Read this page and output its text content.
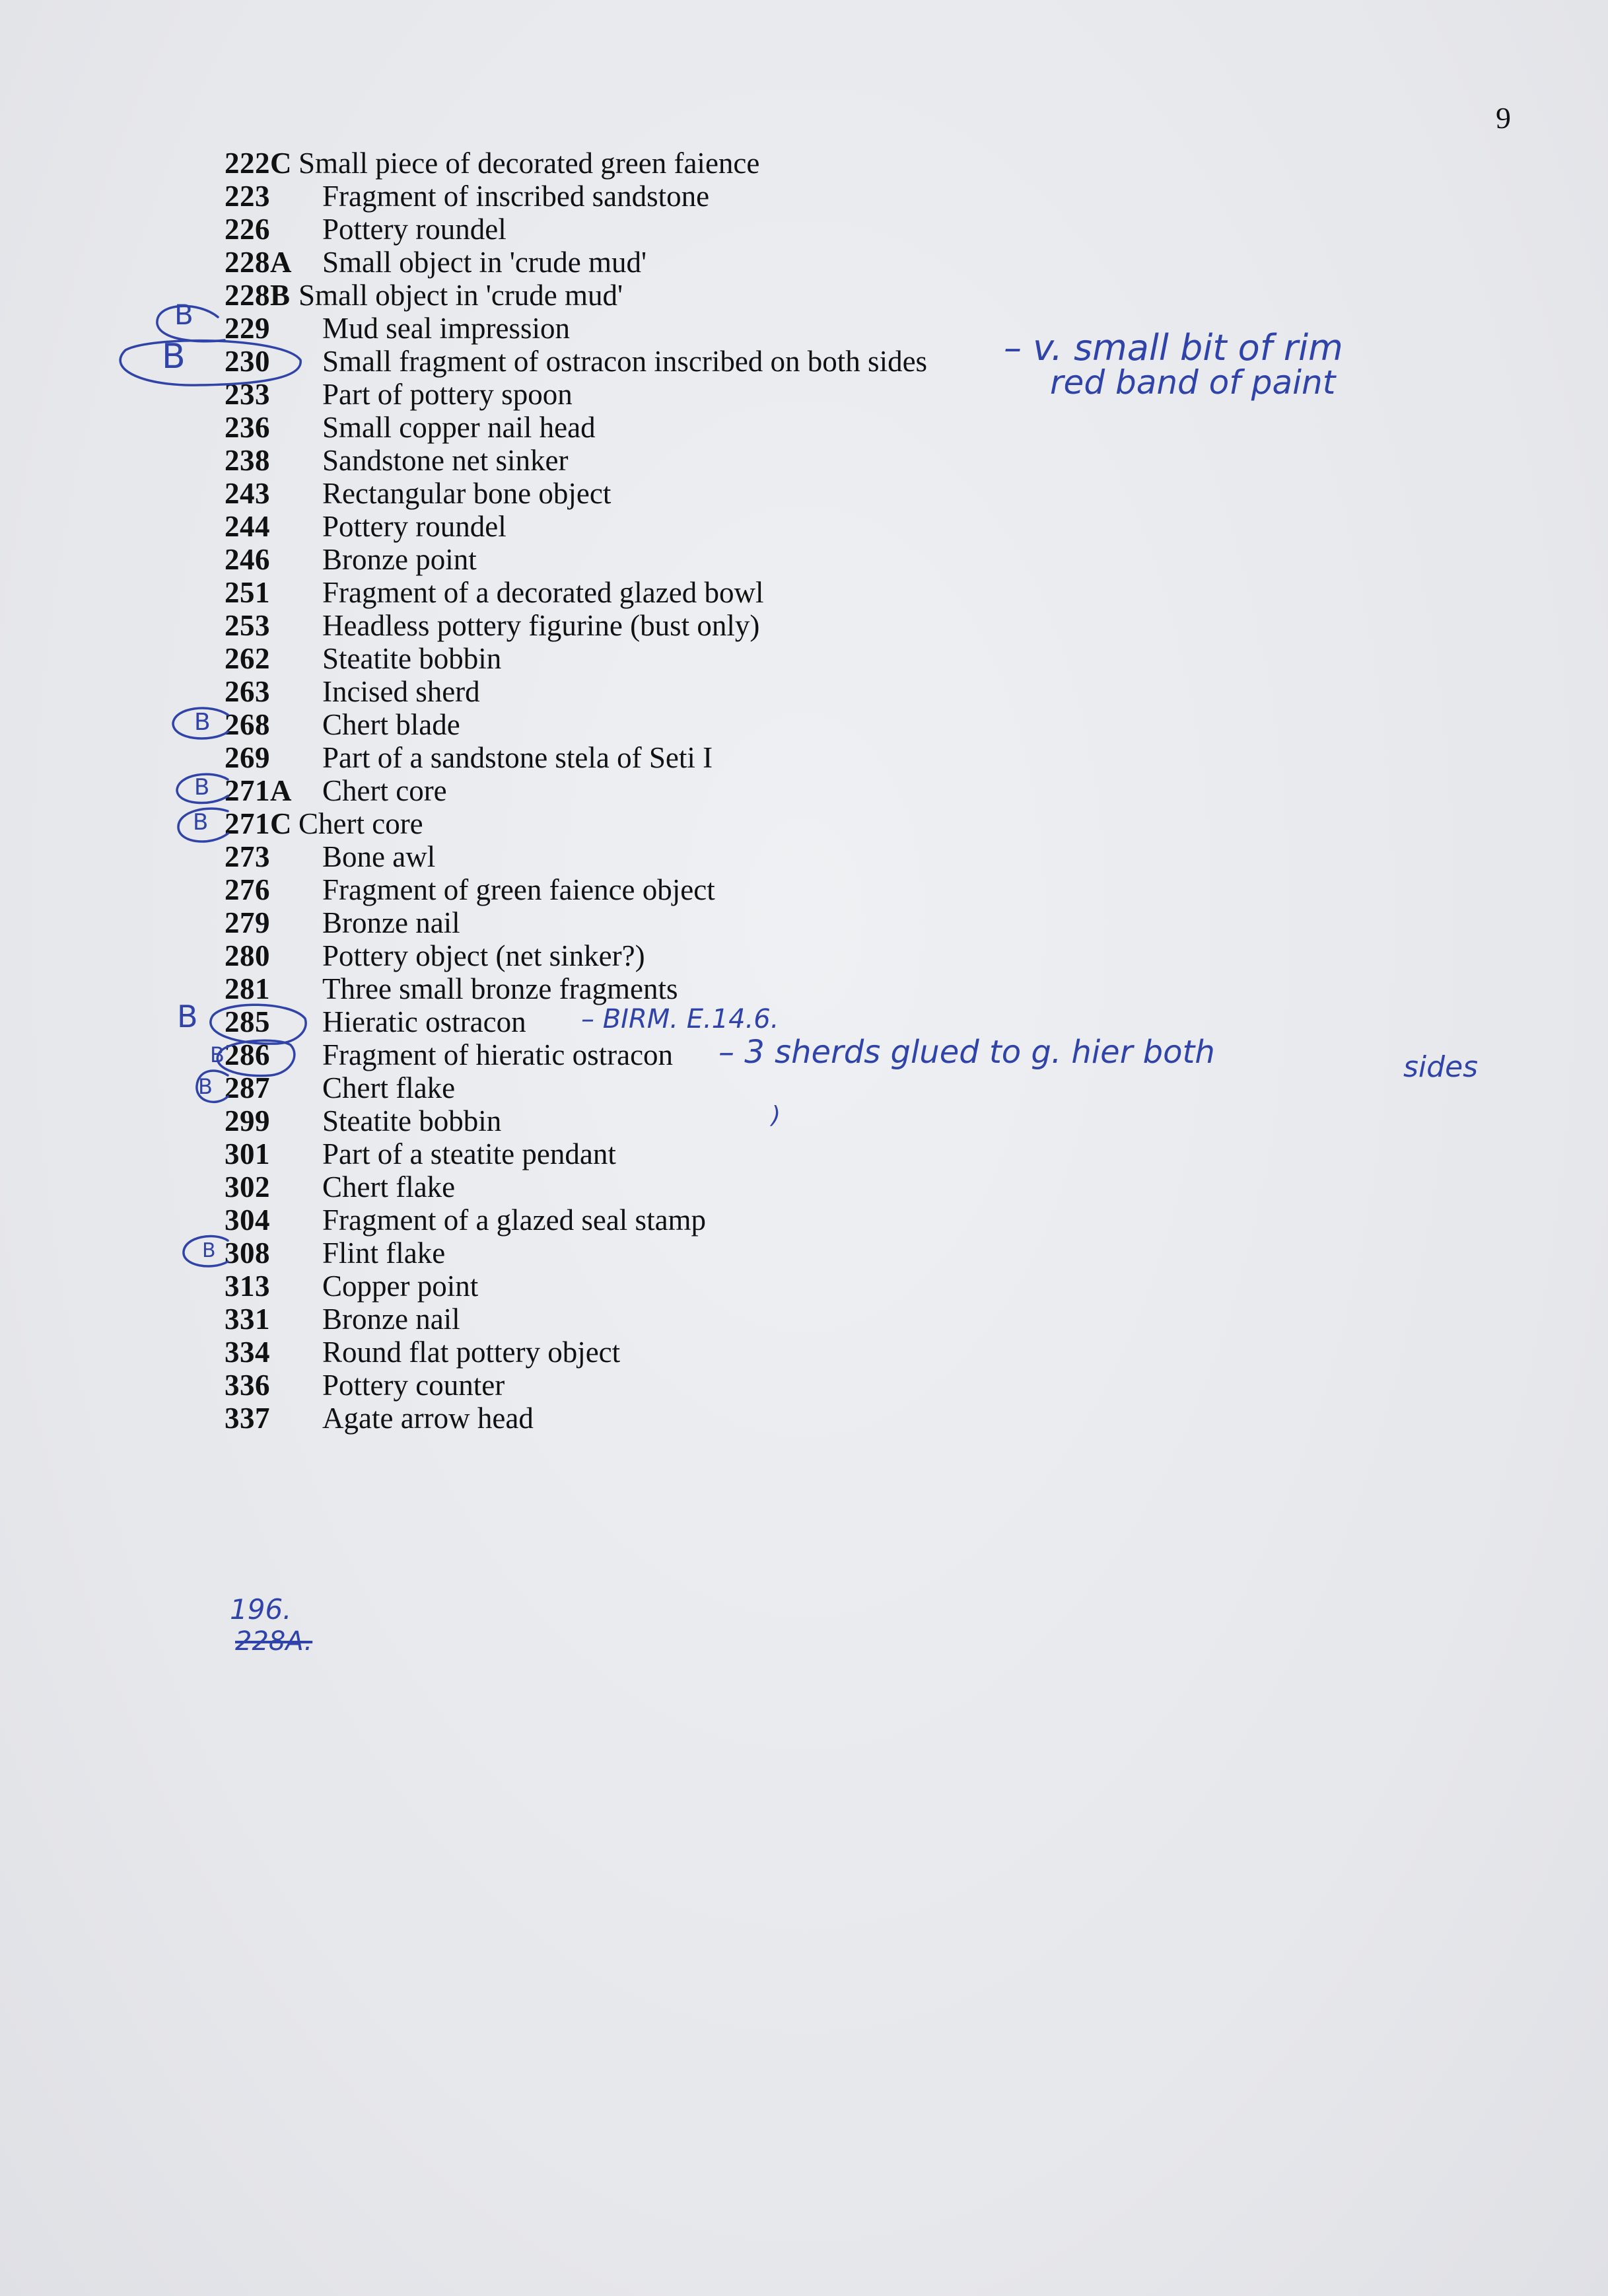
9
222C Small piece of decorated green faience
223 Fragment of inscribed sandstone
226 Pottery roundel
228A Small object in 'crude mud'
228B Small object in 'crude mud'
229 Mud seal impression
230 Small fragment of ostracon inscribed on both sides
233 Part of pottery spoon
236 Small copper nail head
238 Sandstone net sinker
243 Rectangular bone object
244 Pottery roundel
246 Bronze point
251 Fragment of a decorated glazed bowl
253 Headless pottery figurine (bust only)
262 Steatite bobbin
263 Incised sherd
268 Chert blade
269 Part of a sandstone stela of Seti I
271A Chert core
271C Chert core
273 Bone awl
276 Fragment of green faience object
279 Bronze nail
280 Pottery object (net sinker?)
281 Three small bronze fragments
285 Hieratic ostracon
286 Fragment of hieratic ostracon
287 Chert flake
299 Steatite bobbin
301 Part of a steatite pendant
302 Chert flake
304 Fragment of a glazed seal stamp
308 Flint flake
313 Copper point
331 Bronze nail
334 Round flat pottery object
336 Pottery counter
337 Agate arrow head
B
B
B
B
B
B
B
B
B
– v. small bit of rim
red band of paint
– BIRM. E.14.6.
– 3 sherds glued to g. hier both	sides
)
196.
228A.
